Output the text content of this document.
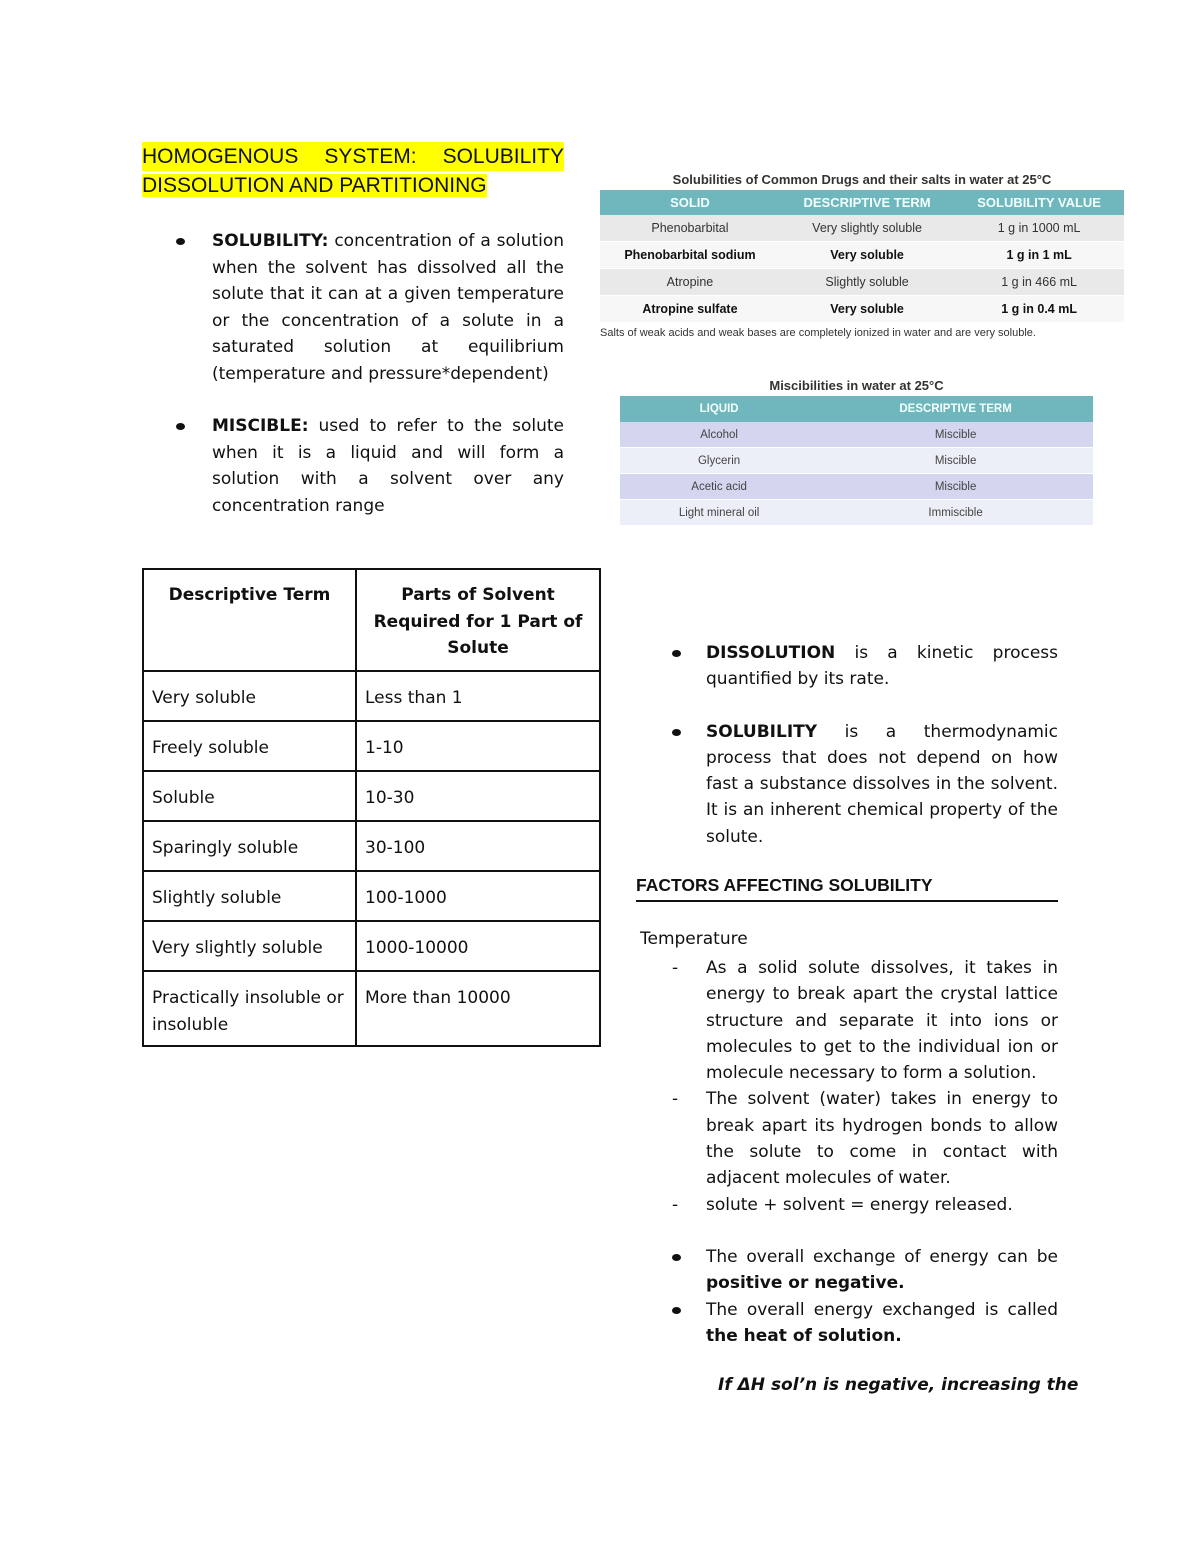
HOMOGENOUS SYSTEM: SOLUBILITY
DISSOLUTION AND PARTITIONING
SOLUBILITY: concentration of a solution when the solvent has dissolved all the solute that it can at a given temperature or the concentration of a solute in a saturated solution at equilibrium (temperature and pressure*dependent)
MISCIBLE: used to refer to the solute when it is a liquid and will form a solution with a solvent over any concentration range
Solubilities of Common Drugs and their salts in water at 25°C
SOLID	DESCRIPTIVE TERM	SOLUBILITY VALUE
Phenobarbital	Very slightly soluble	1 g in 1000 mL
Phenobarbital sodium	Very soluble	1 g in 1 mL
Atropine	Slightly soluble	1 g in 466 mL
Atropine sulfate	Very soluble	1 g in 0.4 mL
Salts of weak acids and weak bases are completely ionized in water and are very soluble.
Miscibilities in water at 25°C
LIQUID	DESCRIPTIVE TERM
Alcohol	Miscible
Glycerin	Miscible
Acetic acid	Miscible
Light mineral oil	Immiscible
Descriptive Term	Parts of Solvent Required for 1 Part of Solute
Very soluble	Less than 1
Freely soluble	1-10
Soluble	10-30
Sparingly soluble	30-100
Slightly soluble	100-1000
Very slightly soluble	1000-10000
Practically insoluble or insoluble	More than 10000
DISSOLUTION is a kinetic process quantified by its rate.
SOLUBILITY is a thermodynamic process that does not depend on how fast a substance dissolves in the solvent. It is an inherent chemical property of the solute.
FACTORS AFFECTING SOLUBILITY
Temperature
- As a solid solute dissolves, it takes in energy to break apart the crystal lattice structure and separate it into ions or molecules to get to the individual ion or molecule necessary to form a solution.
- The solvent (water) takes in energy to break apart its hydrogen bonds to allow the solute to come in contact with adjacent molecules of water.
- solute + solvent = energy released.
The overall exchange of energy can be positive or negative.
The overall energy exchanged is called the heat of solution.
If ΔH sol’n is negative, increasing the
